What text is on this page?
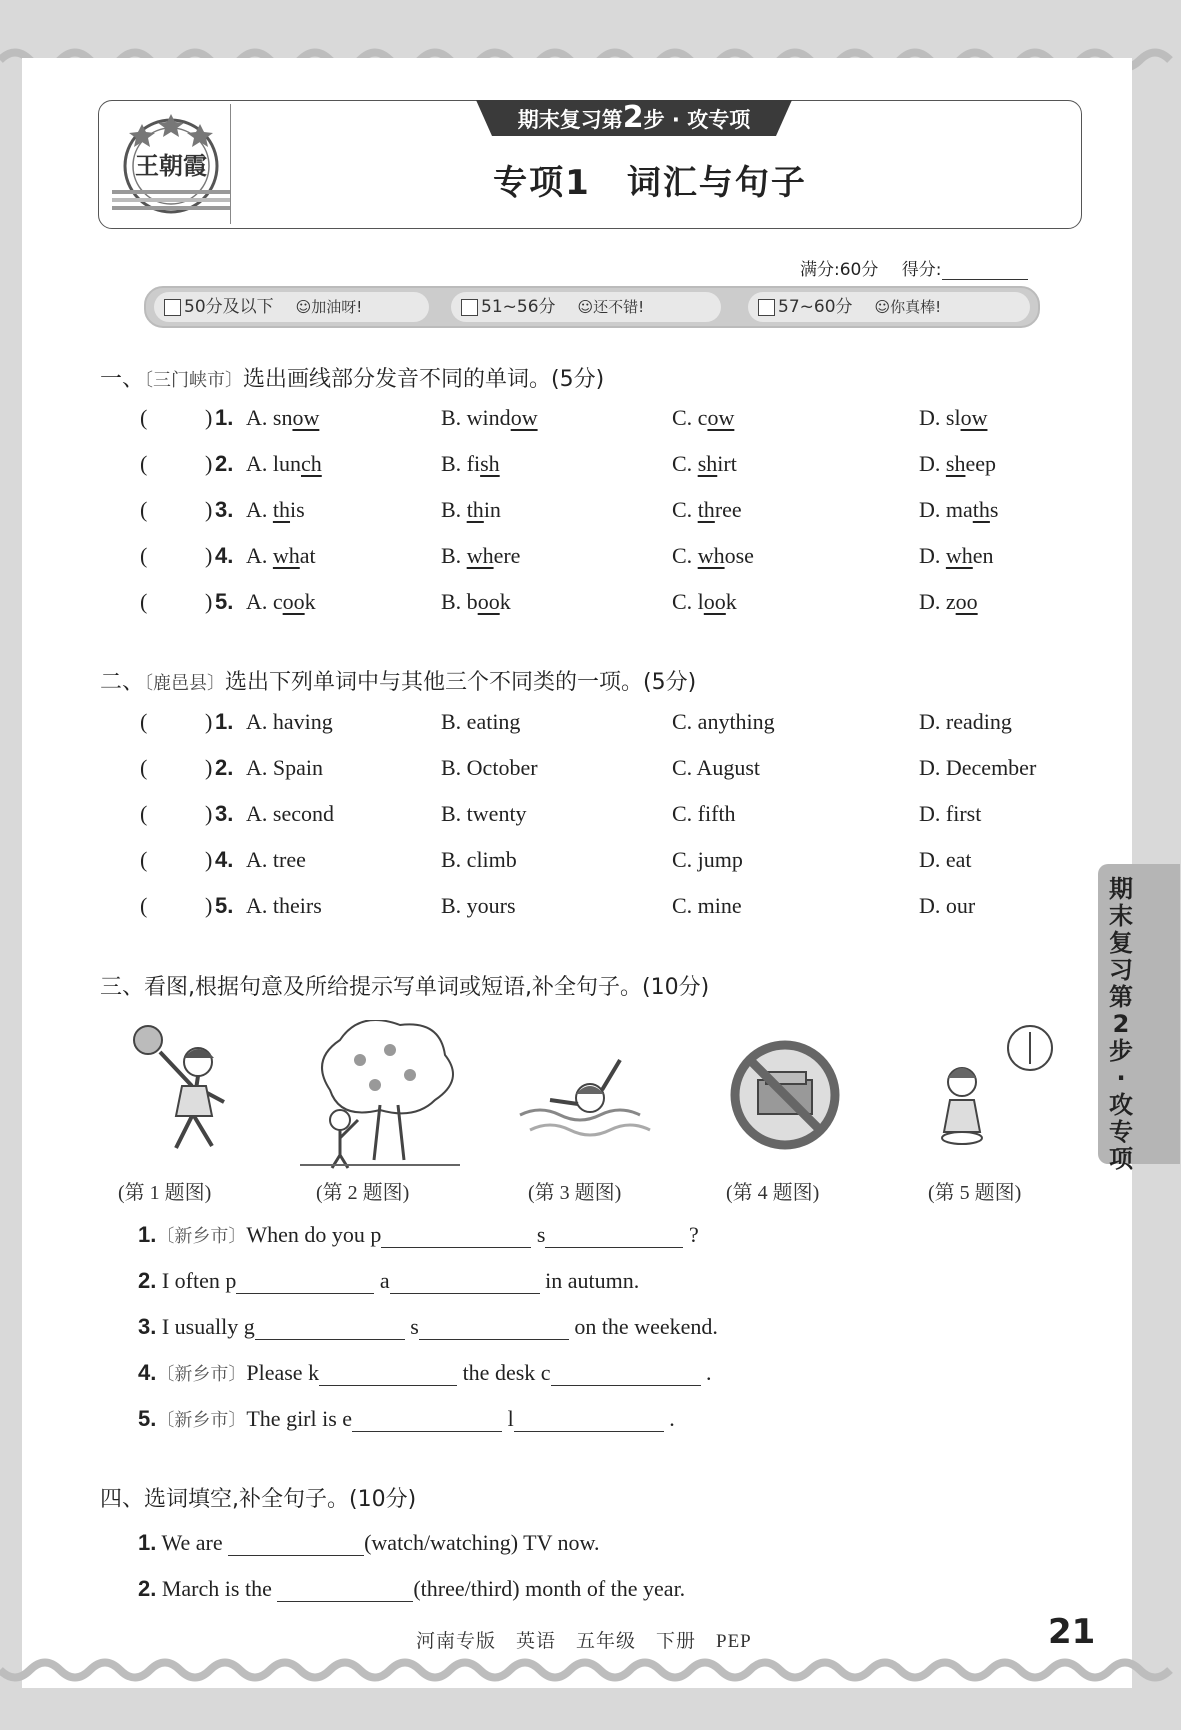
王朝霞
期末复习第2步 · 攻专项
专项1　词汇与句子
满分:60分 得分:
50分及以下 ☺加油呀!	51~56分 ☺还不错!	57~60分 ☺你真棒!
一、〔三门峡市〕选出画线部分发音不同的单词。(5分)
(	) 1. A. snow	B. window	C. cow	D. slow
(	) 2. A. lunch	B. fish	C. shirt	D. sheep
(	) 3. A. this	B. thin	C. three	D. maths
(	) 4. A. what	B. where	C. whose	D. when
(	) 5. A. cook	B. book	C. look	D. zoo
二、〔鹿邑县〕选出下列单词中与其他三个不同类的一项。(5分)
(	) 1. A. having	B. eating	C. anything	D. reading
(	) 2. A. Spain	B. October	C. August	D. December
(	) 3. A. second	B. twenty	C. fifth	D. first
(	) 4. A. tree	B. climb	C. jump	D. eat
(	) 5. A. theirs	B. yours	C. mine	D. our
三、看图,根据句意及所给提示写单词或短语,补全句子。(10分)
(第 1 题图)	(第 2 题图)	(第 3 题图)	(第 4 题图)	(第 5 题图)
1.〔新乡市〕When do you p	s	?
2. I often p	a	in autumn.
3. I usually g	s	on the weekend.
4.〔新乡市〕Please k	the desk c	.
5.〔新乡市〕The girl is e	l	.
四、选词填空,补全句子。(10分)
1. We are	(watch/watching) TV now.
2. March is the	(three/third) month of the year.
期末复习第2步·攻专项
河南专版　英语　五年级　下册　PEP	21
